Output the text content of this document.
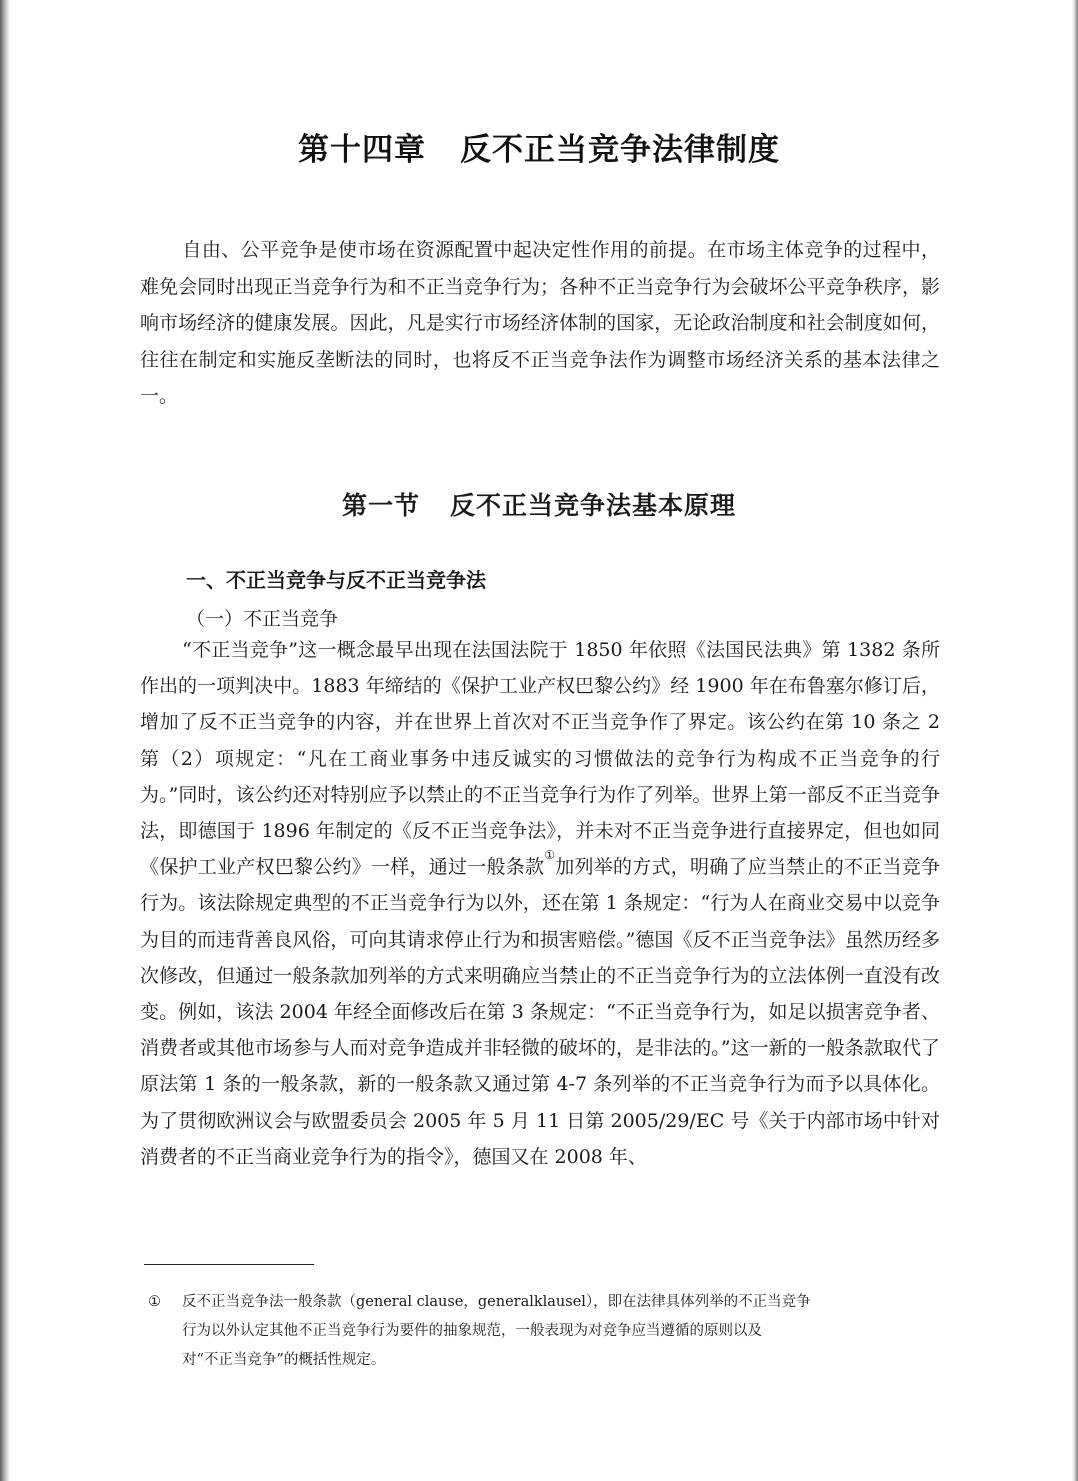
第十四章 反不正当竞争法律制度
自由、公平竞争是使市场在资源配置中起决定性作用的前提。在市场主体竞争的过程中，难免会同时出现正当竞争行为和不正当竞争行为；各种不正当竞争行为会破坏公平竞争秩序，影响市场经济的健康发展。因此，凡是实行市场经济体制的国家，无论政治制度和社会制度如何，往往在制定和实施反垄断法的同时，也将反不正当竞争法作为调整市场经济关系的基本法律之一。
第一节 反不正当竞争法基本原理
一、不正当竞争与反不正当竞争法
（一）不正当竞争
“不正当竞争”这一概念最早出现在法国法院于 1850 年依照《法国民法典》第 1382 条所作出的一项判决中。1883 年缔结的《保护工业产权巴黎公约》经 1900 年在布鲁塞尔修订后，增加了反不正当竞争的内容，并在世界上首次对不正当竞争作了界定。该公约在第 10 条之 2 第（2）项规定：“凡在工商业事务中违反诚实的习惯做法的竞争行为构成不正当竞争的行为。”同时，该公约还对特别应予以禁止的不正当竞争行为作了列举。世界上第一部反不正当竞争法，即德国于 1896 年制定的《反不正当竞争法》，并未对不正当竞争进行直接界定，但也如同《保护工业产权巴黎公约》一样，通过一般条款①加列举的方式，明确了应当禁止的不正当竞争行为。该法除规定典型的不正当竞争行为以外，还在第 1 条规定：“行为人在商业交易中以竞争为目的而违背善良风俗，可向其请求停止行为和损害赔偿。”德国《反不正当竞争法》虽然历经多次修改，但通过一般条款加列举的方式来明确应当禁止的不正当竞争行为的立法体例一直没有改变。例如，该法 2004 年经全面修改后在第 3 条规定：“不正当竞争行为，如足以损害竞争者、消费者或其他市场参与人而对竞争造成并非轻微的破坏的，是非法的。”这一新的一般条款取代了原法第 1 条的一般条款，新的一般条款又通过第 4-7 条列举的不正当竞争行为而予以具体化。为了贯彻欧洲议会与欧盟委员会 2005 年 5 月 11 日第 2005/29/EC 号《关于内部市场中针对消费者的不正当商业竞争行为的指令》，德国又在 2008 年、
① 反不正当竞争法一般条款（general clause，generalklausel），即在法律具体列举的不正当竞争
行为以外认定其他不正当竞争行为要件的抽象规范，一般表现为对竞争应当遵循的原则以及
对“不正当竞争”的概括性规定。
